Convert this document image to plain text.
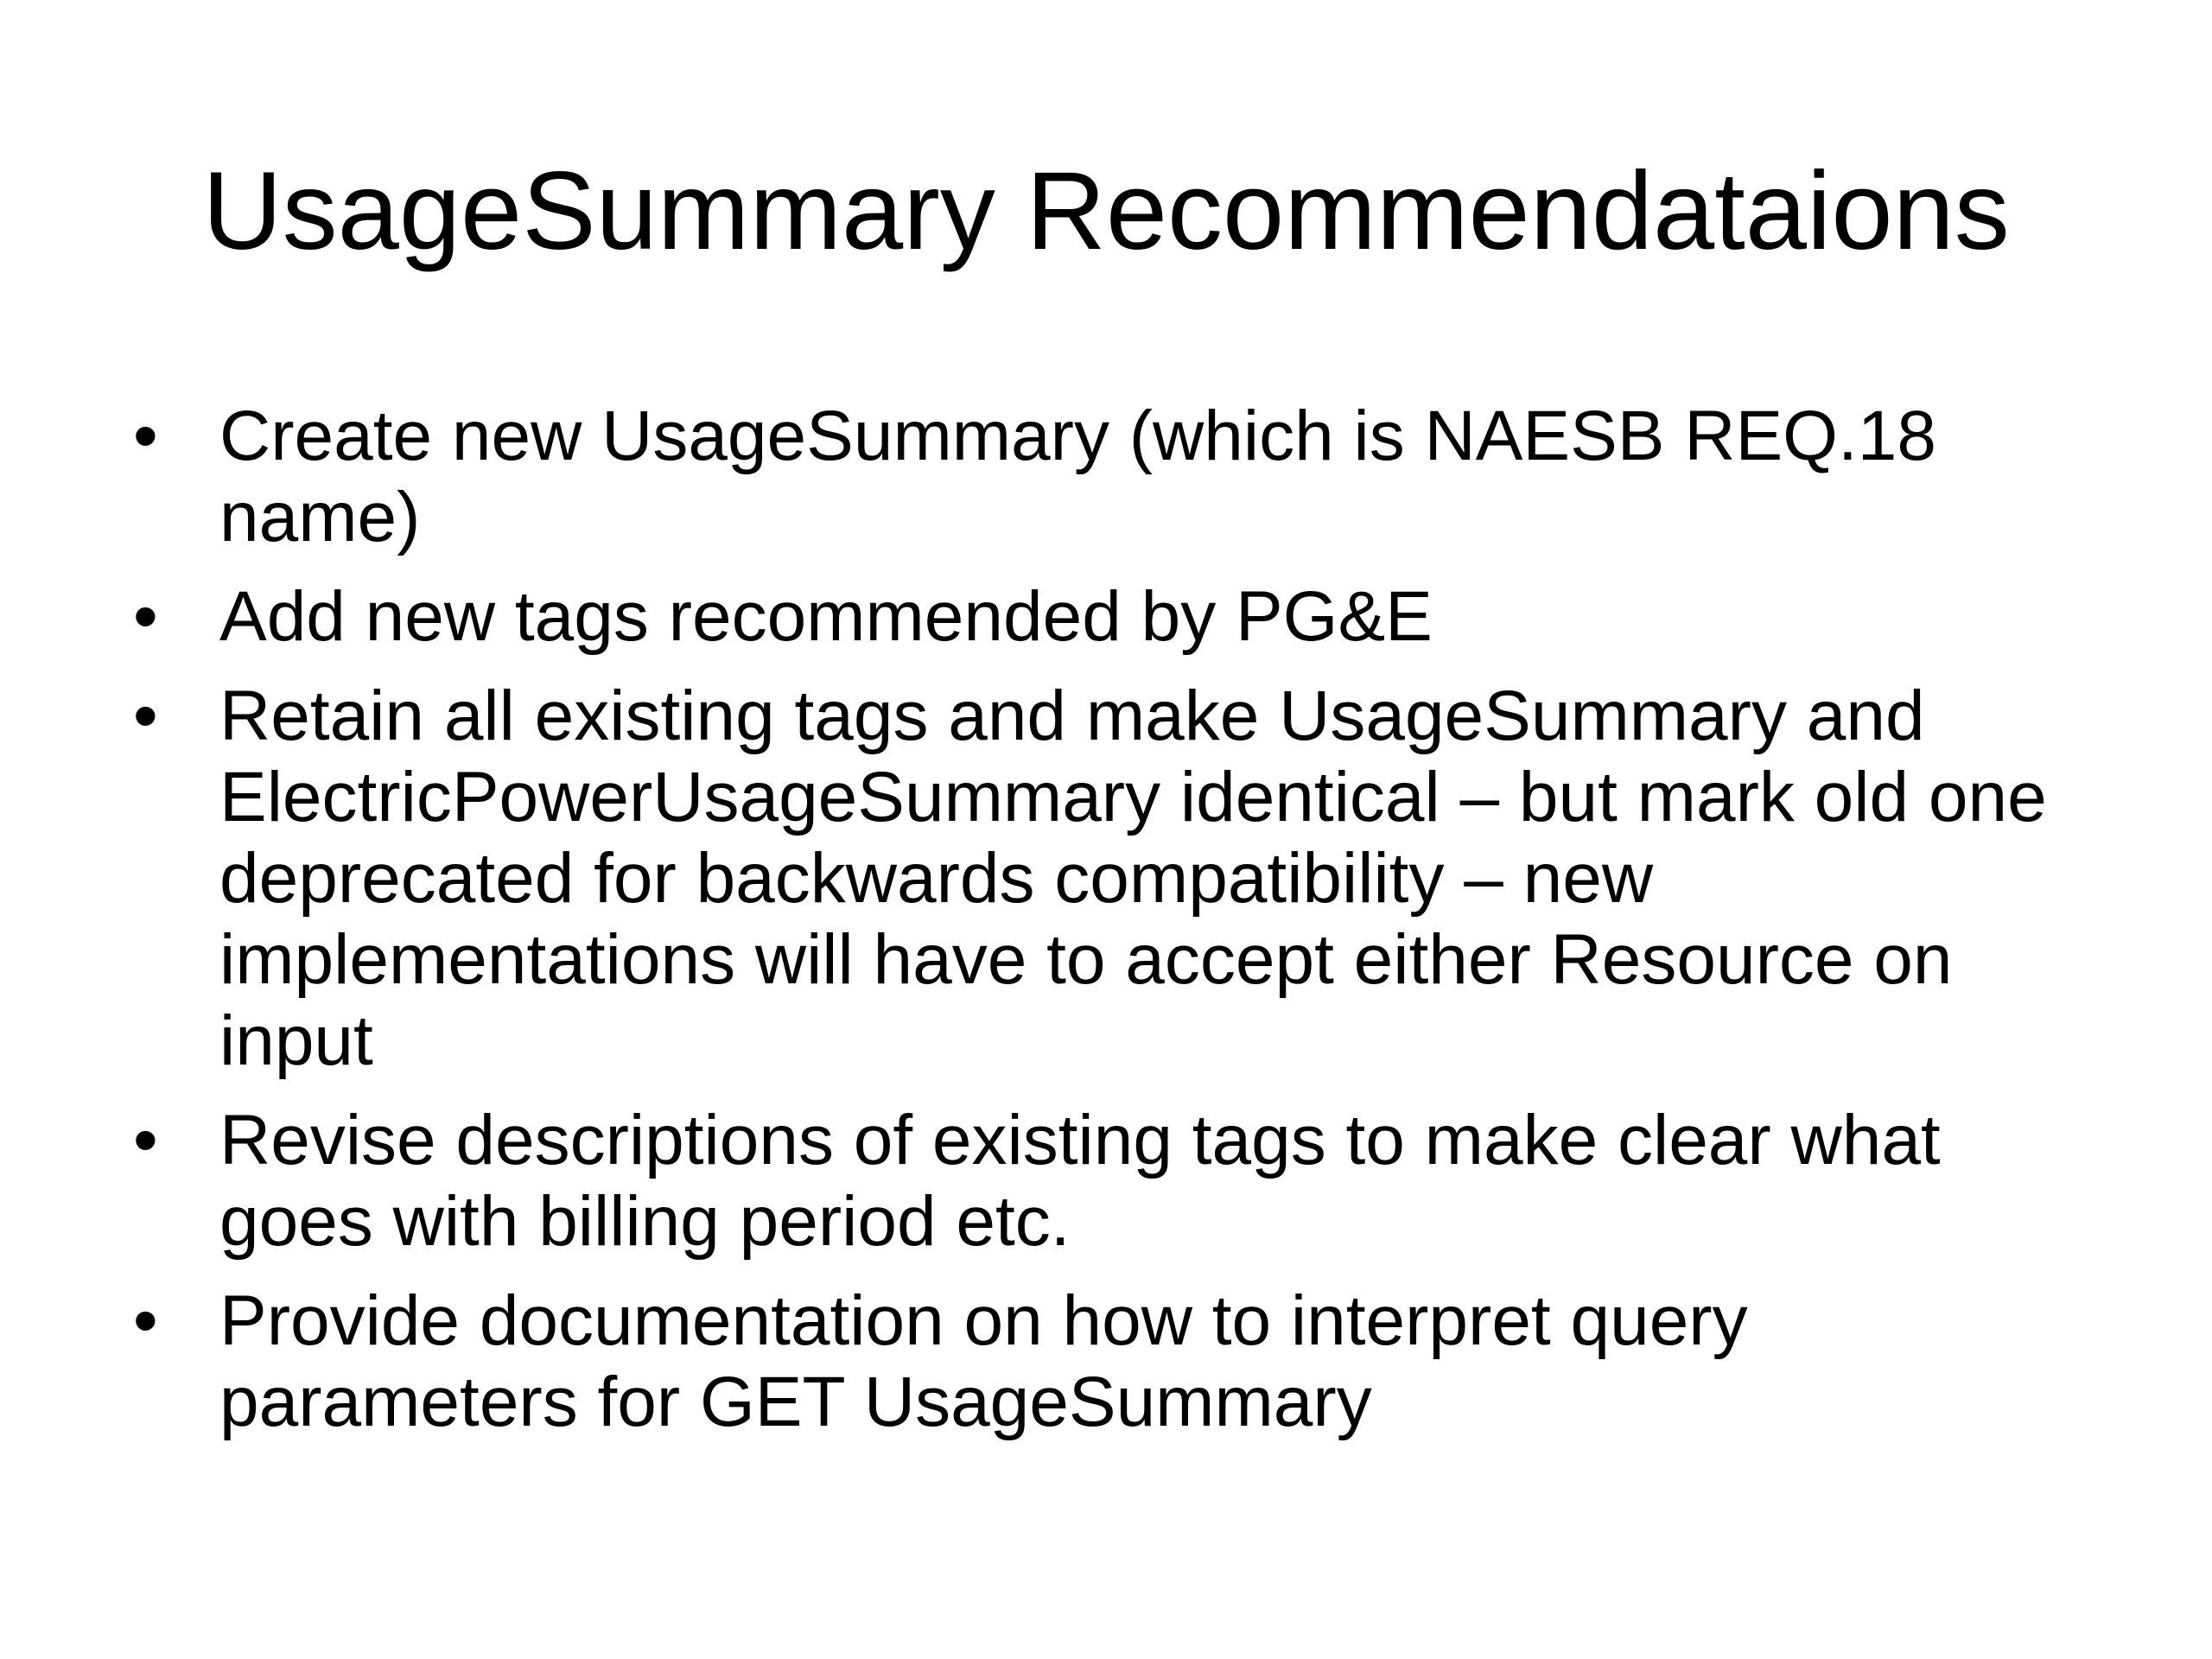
UsageSummary Recommendataions
• Create new UsageSummary (which is NAESB REQ.18 name)
• Add new tags recommended by PG&E
• Retain all existing tags and make UsageSummary and ElectricPowerUsageSummary identical – but mark old one deprecated for backwards compatibility – new implementations will have to accept either Resource on input
• Revise descriptions of existing tags to make clear what goes with billing period etc.
• Provide documentation on how to interpret query parameters for GET UsageSummary
